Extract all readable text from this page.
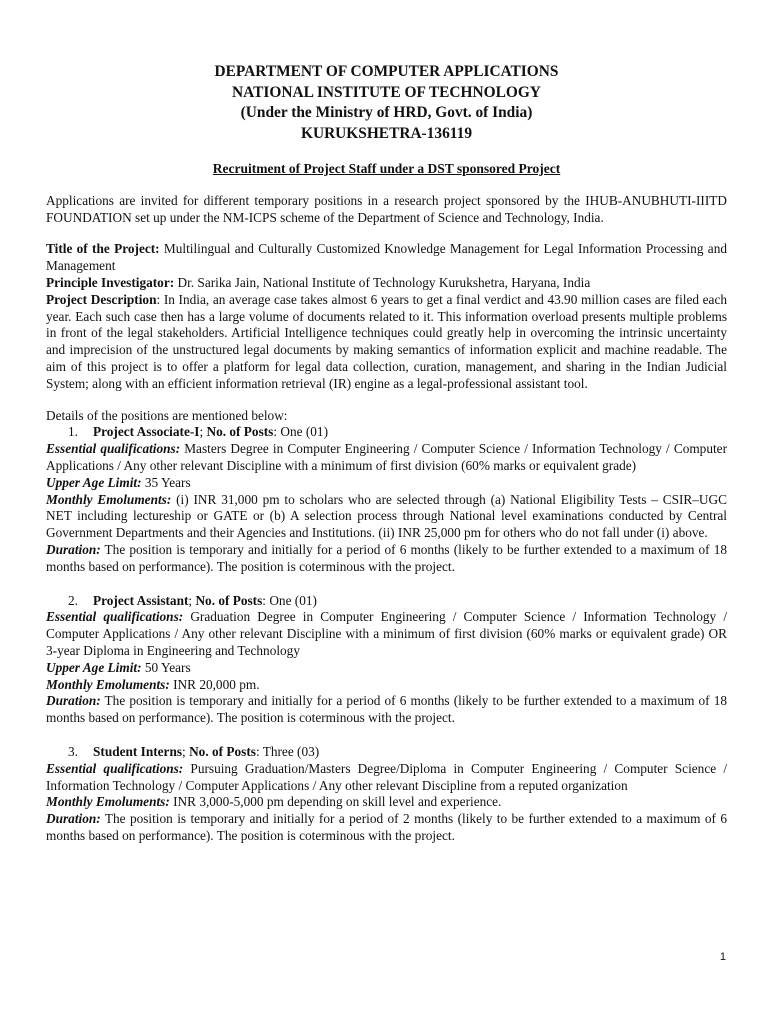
DEPARTMENT OF COMPUTER APPLICATIONS
NATIONAL INSTITUTE OF TECHNOLOGY
(Under the Ministry of HRD, Govt. of India)
KURUKSHETRA-136119
Recruitment of Project Staff under a DST sponsored Project

Applications are invited for different temporary positions in a research project sponsored by the IHUB-ANUBHUTI-IIITD FOUNDATION set up under the NM-ICPS scheme of the Department of Science and Technology, India.

Title of the Project: Multilingual and Culturally Customized Knowledge Management for Legal Information Processing and Management

Principle Investigator: Dr. Sarika Jain, National Institute of Technology Kurukshetra, Haryana, India

Project Description: In India, an average case takes almost 6 years to get a final verdict and 43.90 million cases are filed each year. Each such case then has a large volume of documents related to it. This information overload presents multiple problems in front of the legal stakeholders. Artificial Intelligence techniques could greatly help in overcoming the intrinsic uncertainty and imprecision of the unstructured legal documents by making semantics of information explicit and machine readable. The aim of this project is to offer a platform for legal data collection, curation, management, and sharing in the Indian Judicial System; along with an efficient information retrieval (IR) engine as a legal-professional assistant tool.

Details of the positions are mentioned below:

1. Project Associate-I; No. of Posts: One (01)

Essential qualifications: Masters Degree in Computer Engineering / Computer Science / Information Technology / Computer Applications / Any other relevant Discipline with a minimum of first division (60% marks or equivalent grade)

Upper Age Limit: 35 Years

Monthly Emoluments: (i) INR 31,000 pm to scholars who are selected through (a) National Eligibility Tests – CSIR–UGC NET including lectureship or GATE or (b) A selection process through National level examinations conducted by Central Government Departments and their Agencies and Institutions. (ii) INR 25,000 pm for others who do not fall under (i) above.

Duration: The position is temporary and initially for a period of 6 months (likely to be further extended to a maximum of 18 months based on performance). The position is coterminous with the project.

2. Project Assistant; No. of Posts: One (01)

Essential qualifications: Graduation Degree in Computer Engineering / Computer Science / Information Technology / Computer Applications / Any other relevant Discipline with a minimum of first division (60% marks or equivalent grade) OR 3-year Diploma in Engineering and Technology

Upper Age Limit: 50 Years

Monthly Emoluments: INR 20,000 pm.

Duration: The position is temporary and initially for a period of 6 months (likely to be further extended to a maximum of 18 months based on performance). The position is coterminous with the project.

3. Student Interns; No. of Posts: Three (03)

Essential qualifications: Pursuing Graduation/Masters Degree/Diploma in Computer Engineering / Computer Science / Information Technology / Computer Applications / Any other relevant Discipline from a reputed organization

Monthly Emoluments: INR 3,000-5,000 pm depending on skill level and experience.

Duration: The position is temporary and initially for a period of 2 months (likely to be further extended to a maximum of 6 months based on performance). The position is coterminous with the project.

1
